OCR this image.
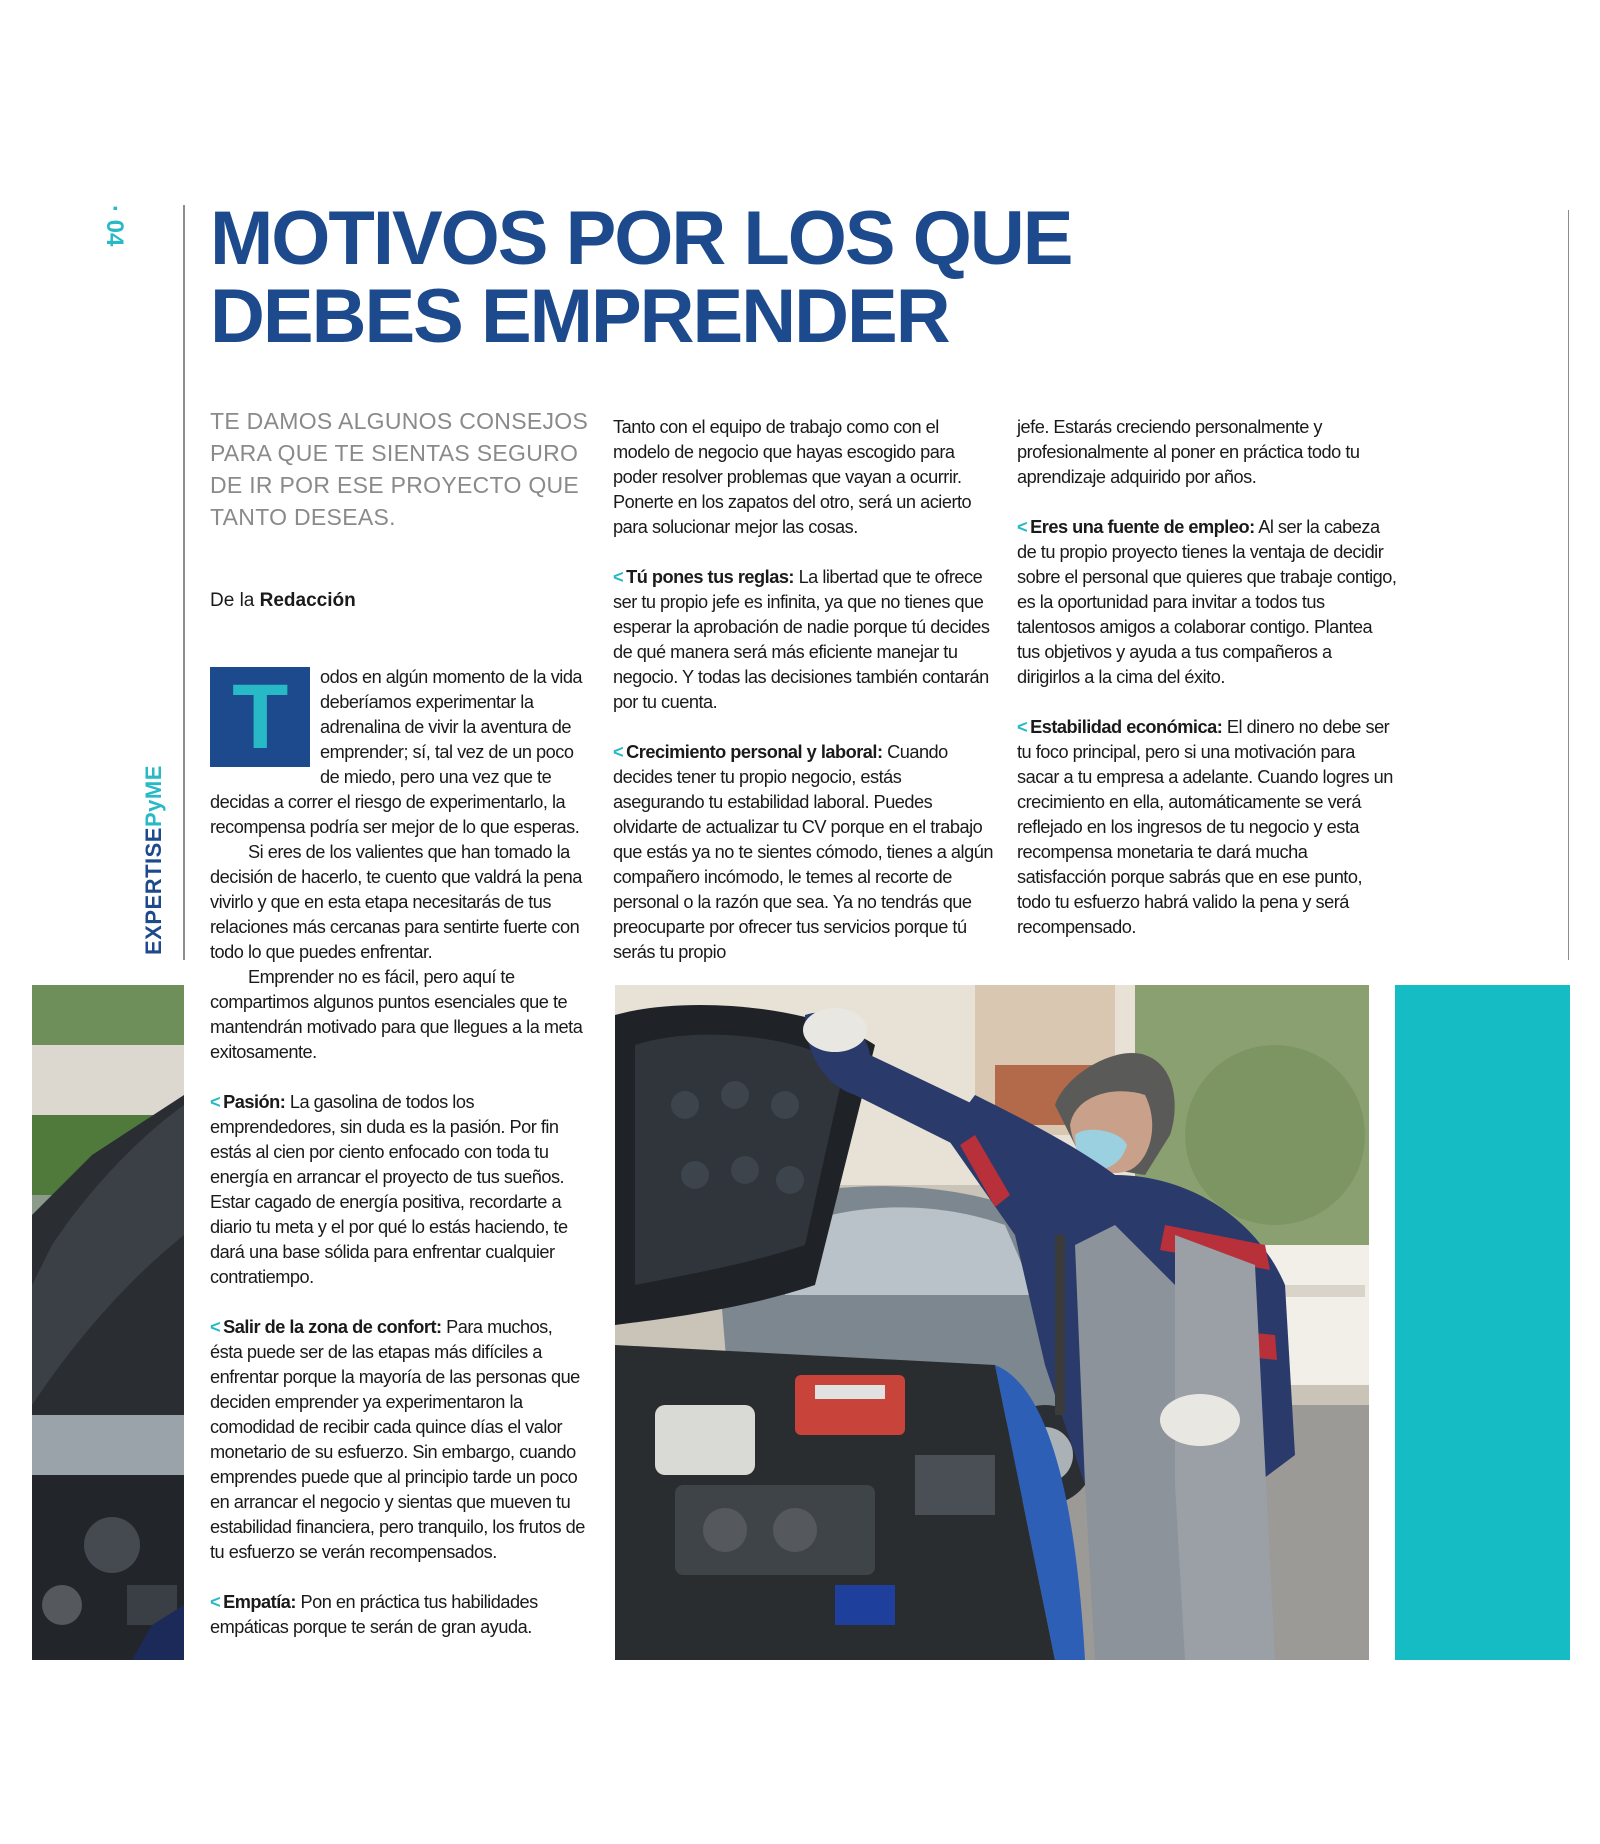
· 04
EXPERTISEPyME
MOTIVOS POR LOS QUE
DEBES EMPRENDER
TE DAMOS ALGUNOS CONSEJOS PARA QUE TE SIENTAS SEGURO DE IR POR ESE PROYECTO QUE TANTO DESEAS.
De la Redacción

T	odos en algún momento de la vida deberíamos experimentar la adrenalina de vivir la aventura de emprender; sí, tal vez de un poco de miedo, pero una vez que te decidas a correr el riesgo de experimentarlo, la recompensa podría ser mejor de lo que esperas.

Si eres de los valientes que han tomado la decisión de hacerlo, te cuento que valdrá la pena vivirlo y que en esta etapa necesitarás de tus relaciones más cercanas para sentirte fuerte con todo lo que puedes enfrentar.

Emprender no es fácil, pero aquí te compartimos algunos puntos esenciales que te mantendrán motivado para que llegues a la meta exitosamente.

< Pasión: La gasolina de todos los emprendedores, sin duda es la pasión. Por fin estás al cien por ciento enfocado con toda tu energía en arrancar el proyecto de tus sueños. Estar cagado de energía positiva, recordarte a diario tu meta y el por qué lo estás haciendo, te dará una base sólida para enfrentar cualquier contratiempo.

< Salir de la zona de confort: Para muchos, ésta puede ser de las etapas más difíciles a enfrentar porque la mayoría de las personas que deciden emprender ya experimentaron la comodidad de recibir cada quince días el valor monetario de su esfuerzo. Sin embargo, cuando emprendes puede que al principio tarde un poco en arrancar el negocio y sientas que mueven tu estabilidad financiera, pero tranquilo, los frutos de tu esfuerzo se verán recompensados.

< Empatía: Pon en práctica tus habilidades empáticas porque te serán de gran ayuda.

Tanto con el equipo de trabajo como con el modelo de negocio que hayas escogido para poder resolver problemas que vayan a ocurrir. Ponerte en los zapatos del otro, será un acierto para solucionar mejor las cosas.

< Tú pones tus reglas: La libertad que te ofrece ser tu propio jefe es infinita, ya que no tienes que esperar la aprobación de nadie porque tú decides de qué manera será más eficiente manejar tu negocio. Y todas las decisiones también contarán por tu cuenta.

< Crecimiento personal y laboral: Cuando decides tener tu propio negocio, estás asegurando tu estabilidad laboral. Puedes olvidarte de actualizar tu CV porque en el trabajo que estás ya no te sientes cómodo, tienes a algún compañero incómodo, le temes al recorte de personal o la razón que sea. Ya no tendrás que preocuparte por ofrecer tus servicios porque tú serás tu propio

jefe. Estarás creciendo personalmente y profesionalmente al poner en práctica todo tu aprendizaje adquirido por años.

< Eres una fuente de empleo: Al ser la cabeza de tu propio proyecto tienes la ventaja de decidir sobre el personal que quieres que trabaje contigo, es la oportunidad para invitar a todos tus talentosos amigos a colaborar contigo. Plantea tus objetivos y ayuda a tus compañeros a dirigirlos a la cima del éxito.

< Estabilidad económica: El dinero no debe ser tu foco principal, pero si una motivación para sacar a tu empresa a adelante. Cuando logres un crecimiento en ella, automáticamente se verá reflejado en los ingresos de tu negocio y esta recompensa monetaria te dará mucha satisfacción porque sabrás que en ese punto, todo tu esfuerzo habrá valido la pena y será recompensado.
